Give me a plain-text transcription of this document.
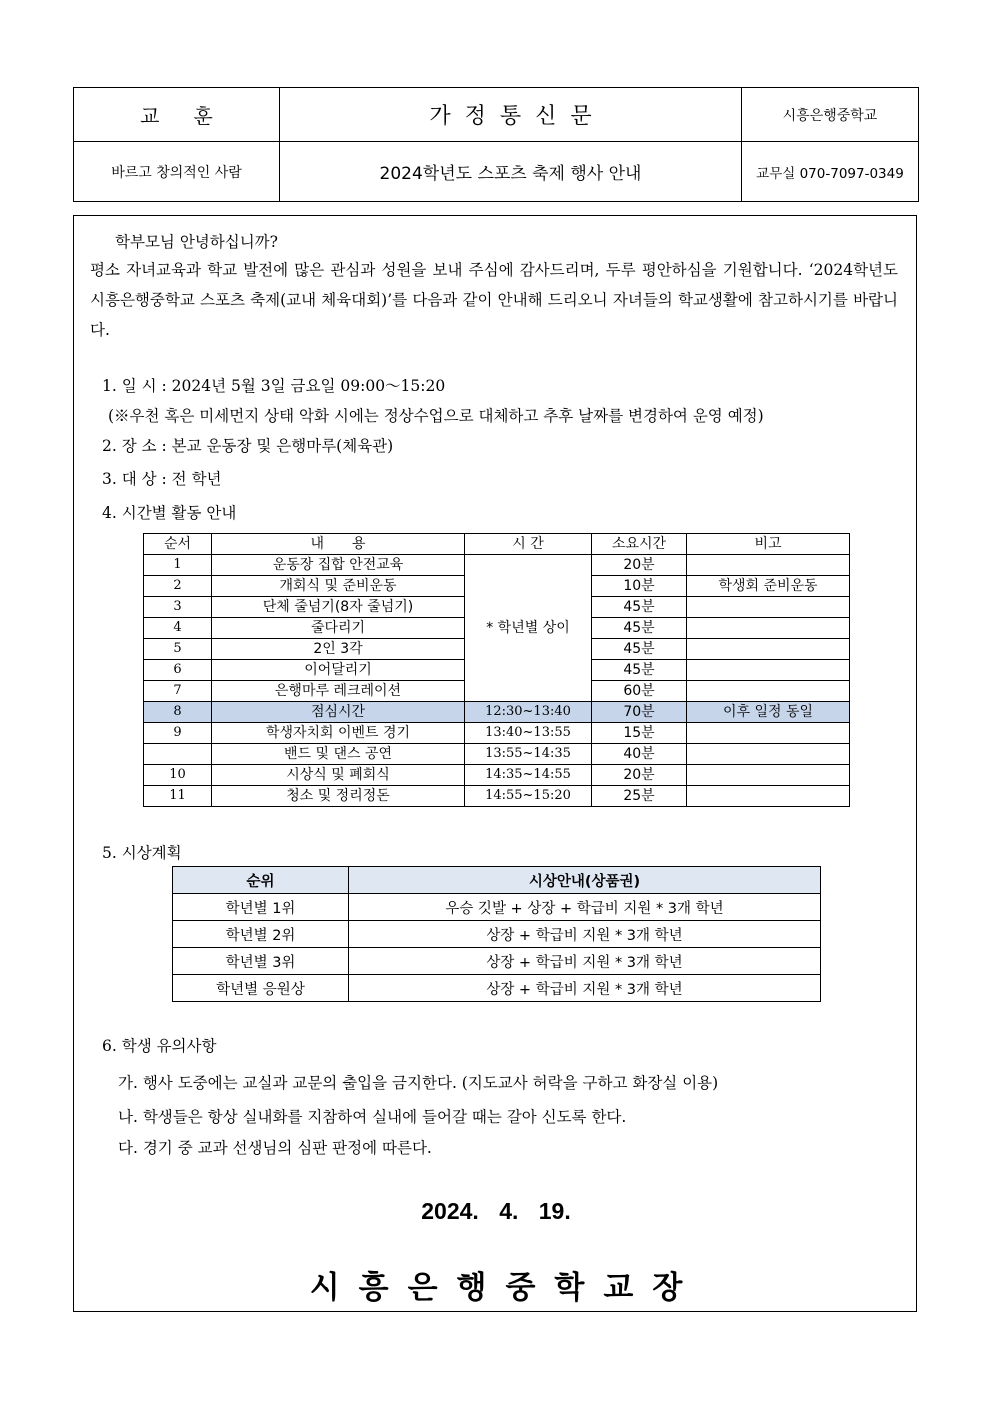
교훈	가정통신문	시흥은행중학교
바르고 창의적인 사람	2024학년도 스포츠 축제 행사 안내	교무실 070-7097-0349
학부모님 안녕하십니까?
평소 자녀교육과 학교 발전에 많은 관심과 성원을 보내 주심에 감사드리며, 두루 평안하심을 기원합니다. ‘2024학년도 시흥은행중학교 스포츠 축제(교내 체육대회)’를 다음과 같이 안내해 드리오니 자녀들의 학교생활에 참고하시기를 바랍니다.
1. 일 시 : 2024년 5월 3일 금요일 09:00～15:20
(※우천 혹은 미세먼지 상태 악화 시에는 정상수업으로 대체하고 추후 날짜를 변경하여 운영 예정)
2. 장 소 : 본교 운동장 및 은행마루(체육관)
3. 대 상 : 전 학년
4. 시간별 활동 안내
순서	내　　용	시 간	소요시간	비고
1	운동장 집합 안전교육	* 학년별 상이	20분	
2	개회식 및 준비운동		10분	학생회 준비운동
3	단체 줄넘기(8자 줄넘기)		45분	
4	줄다리기		45분	
5	2인 3각		45분	
6	이어달리기		45분	
7	은행마루 레크레이션		60분	
8	점심시간	12:30~13:40	70분	이후 일정 동일
9	학생자치회 이벤트 경기	13:40~13:55	15분	
	밴드 및 댄스 공연	13:55~14:35	40분	
10	시상식 및 폐회식	14:35~14:55	20분	
11	청소 및 정리정돈	14:55~15:20	25분	
5. 시상계획
순위	시상안내(상품권)
학년별 1위	우승 깃발 + 상장 + 학급비 지원 * 3개 학년
학년별 2위	상장 + 학급비 지원 * 3개 학년
학년별 3위	상장 + 학급비 지원 * 3개 학년
학년별 응원상	상장 + 학급비 지원 * 3개 학년
6. 학생 유의사항
가. 행사 도중에는 교실과 교문의 출입을 금지한다. (지도교사 허락을 구하고 화장실 이용)
나. 학생들은 항상 실내화를 지참하여 실내에 들어갈 때는 갈아 신도록 한다.
다. 경기 중 교과 선생님의 심판 판정에 따른다.
2024. 4. 19.
시흥은행중학교장
